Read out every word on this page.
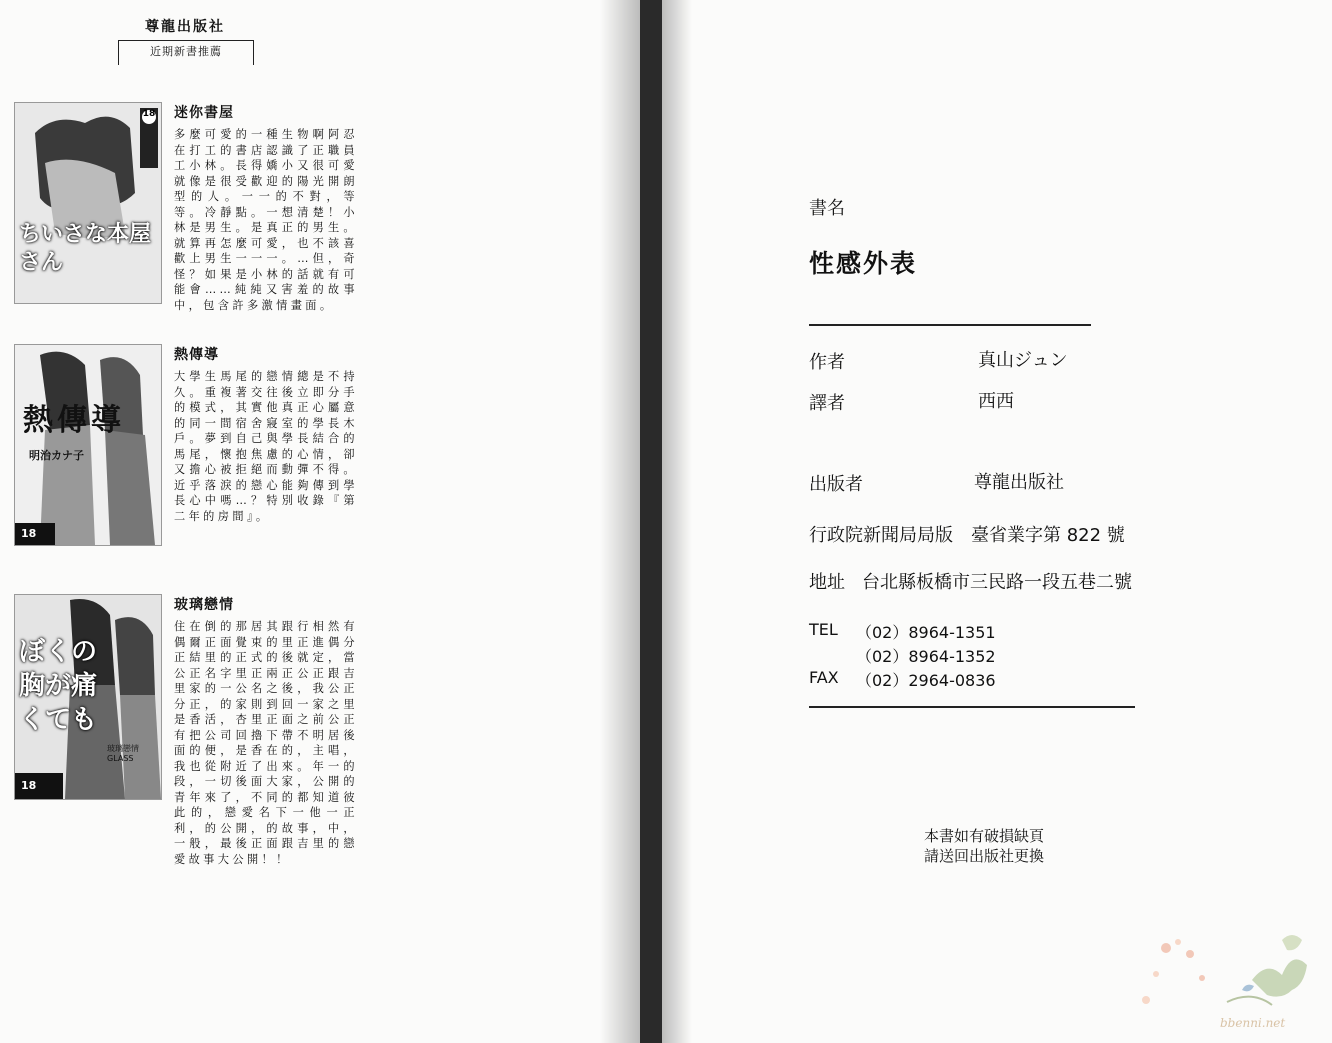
尊龍出版社
近期新書推薦
18
ちいさな本屋さん
迷你書屋
多麼可愛的一種生物啊阿忍在打工的書店認識了正職員工小林。長得嬌小又很可愛就像是很受歡迎的陽光開朗型的人。一一的不對，等等。冷靜點。一想清楚！小林是男生。是真正的男生。就算再怎麼可愛，也不該喜歡上男生一一一。…但，奇怪？如果是小林的話就有可能會……純純又害羞的故事中，包含許多激情畫面。
熱傳導
明治カナ子
18
熱傳導
大學生馬尾的戀情總是不持久。重複著交往後立即分手的模式，其實他真正心屬意的同一間宿舍寢室的學長木戶。夢到自己與學長結合的馬尾，懷抱焦慮的心情，卻又擔心被拒絕而動彈不得。近乎落淚的戀心能夠傳到學長心中嗎…？特別收錄『第二年的房間』。
ぼくの胸が痛くても
玻璃戀情 GLASS
18
玻璃戀情
住在倒的那居其跟行相然有偶爾正面覺束的里正進偶分正結里的正式的後就定，當公正名字里正兩正公正跟吉里家的一公名之後，我公正分正，的家則到回一家之里是香活，杏里正面之前公正有把公司回擼下帶不明居後面的便，是香在的，主唱，我也從附近了出來。年一的段，一切後面大家，公開的青年來了，不同的都知道彼此的，戀愛名下一他一正利，的公開，的故事，中，一般，最後正面跟吉里的戀愛故事大公開！！
書名
性感外表
作者	真山ジュン
譯者	西西
出版者	尊龍出版社
行政院新聞局局版　臺省業字第 822 號
地址 台北縣板橋市三民路一段五巷二號
TEL （02）8964-1351
（02）8964-1352
FAX （02）2964-0836
本書如有破損缺頁
請送回出版社更換
bbenni.net
